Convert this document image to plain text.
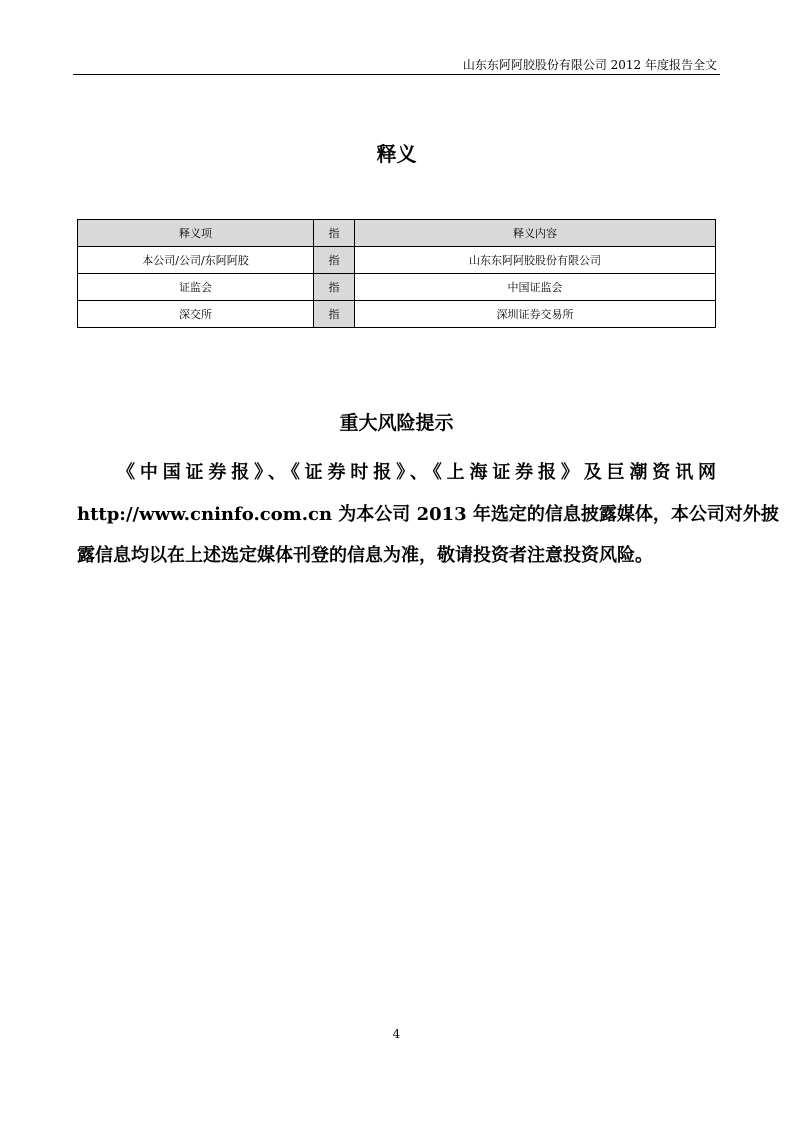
山东东阿阿胶股份有限公司 2012 年度报告全文
释义
释义项	指	释义内容
本公司/公司/东阿阿胶	指	山东东阿阿胶股份有限公司
证监会	指	中国证监会
深交所	指	深圳证券交易所
重大风险提示
《中国证券报》、《证券时报》、《上海证券报》及巨潮资讯网
http://www.cninfo.com.cn 为本公司 2013 年选定的信息披露媒体，本公司对外披
露信息均以在上述选定媒体刊登的信息为准，敬请投资者注意投资风险。
4
